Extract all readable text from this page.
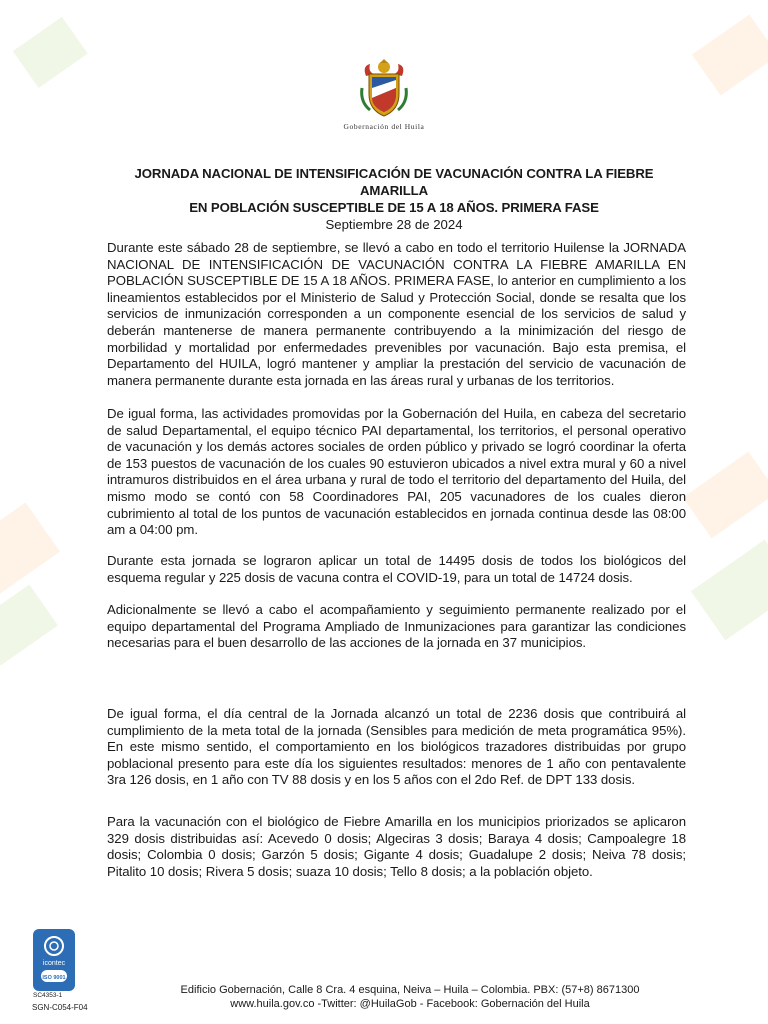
Gobernación del Huila
JORNADA NACIONAL DE INTENSIFICACIÓN DE VACUNACIÓN CONTRA LA FIEBRE AMARILLA
EN POBLACIÓN SUSCEPTIBLE DE 15 A 18 AÑOS. PRIMERA FASE
Septiembre 28 de 2024

Durante este sábado 28 de septiembre, se llevó a cabo en todo el territorio Huilense la JORNADA NACIONAL DE INTENSIFICACIÓN DE VACUNACIÓN CONTRA LA FIEBRE AMARILLA EN POBLACIÓN SUSCEPTIBLE DE 15 A 18 AÑOS. PRIMERA FASE, lo anterior en cumplimiento a los lineamientos establecidos por el Ministerio de Salud y Protección Social, donde se resalta que los servicios de inmunización corresponden a un componente esencial de los servicios de salud y deberán mantenerse de manera permanente contribuyendo a la minimización del riesgo de morbilidad y mortalidad por enfermedades prevenibles por vacunación. Bajo esta premisa, el Departamento del HUILA, logró mantener y ampliar la prestación del servicio de vacunación de manera permanente durante esta jornada en las áreas rural y urbanas de los territorios.

De igual forma, las actividades promovidas por la Gobernación del Huila, en cabeza del secretario de salud Departamental, el equipo técnico PAI departamental, los territorios, el personal operativo de vacunación y los demás actores sociales de orden público y privado se logró coordinar la oferta de 153 puestos de vacunación de los cuales 90 estuvieron ubicados a nivel extra mural y 60 a nivel intramuros distribuidos en el área urbana y rural de todo el territorio del departamento del Huila, del mismo modo se contó con 58 Coordinadores PAI, 205 vacunadores de los cuales dieron cubrimiento al total de los puntos de vacunación establecidos en jornada continua desde las 08:00 am a 04:00 pm.

Durante esta jornada se lograron aplicar un total de 14495 dosis de todos los biológicos del esquema regular y 225 dosis de vacuna contra el COVID-19, para un total de 14724 dosis.

Adicionalmente se llevó a cabo el acompañamiento y seguimiento permanente realizado por el equipo departamental del Programa Ampliado de Inmunizaciones para garantizar las condiciones necesarias para el buen desarrollo de las acciones de la jornada en 37 municipios.

De igual forma, el día central de la Jornada alcanzó un total de 2236 dosis que contribuirá al cumplimiento de la meta total de la jornada (Sensibles para medición de meta programática 95%). En este mismo sentido, el comportamiento en los biológicos trazadores distribuidas por grupo poblacional presento para este día los siguientes resultados: menores de 1 año con pentavalente 3ra 126 dosis, en 1 año con TV 88 dosis y en los 5 años con el 2do Ref. de DPT 133 dosis.

Para la vacunación con el biológico de Fiebre Amarilla en los municipios priorizados se aplicaron 329 dosis distribuidas así: Acevedo 0 dosis; Algeciras 3 dosis; Baraya 4 dosis; Campoalegre 18 dosis; Colombia 0 dosis; Garzón 5 dosis; Gigante 4 dosis; Guadalupe 2 dosis; Neiva 78 dosis; Pitalito 10 dosis; Rivera 5 dosis; suaza 10 dosis; Tello 8 dosis; a la población objeto.

icontec
ISO 9001
SC4353-1
SGN-C054-F04
Edificio Gobernación, Calle 8 Cra. 4 esquina, Neiva – Huila – Colombia. PBX: (57+8) 8671300
www.huila.gov.co -Twitter: @HuilaGob - Facebook: Gobernación del Huila
